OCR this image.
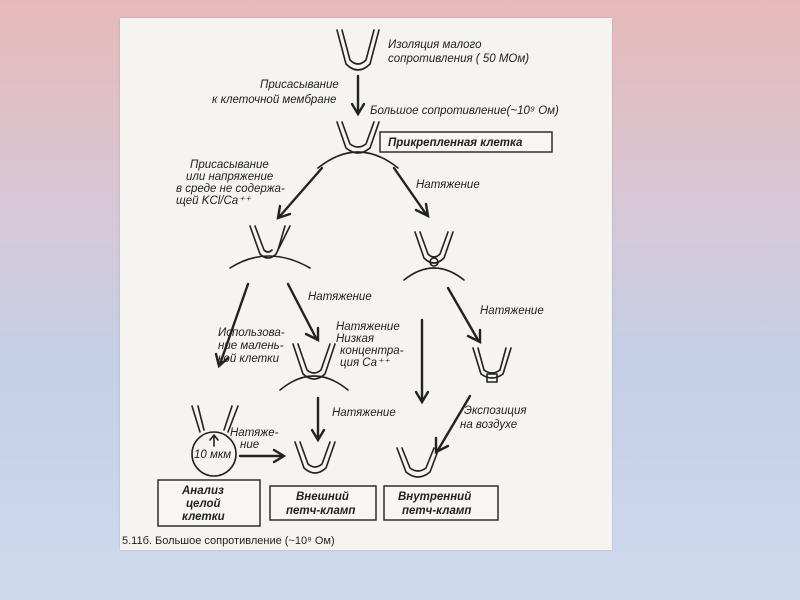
Изоляция малого
сопротивления ( 50 МОм)
Присасывание
к клеточной мембране
Большое сопротивление(~10⁹ Ом)
Прикрепленная клетка
Присасывание
или напряжение
в среде не содержа-
щей KCl/Ca⁺⁺
Натяжение
Натяжение
Использова-
ние малень-
кой клетки
Натяжение
Низкая
концентра-
ция Ca⁺⁺
Натяжение
Натяжение	Экспозиция
на воздухе
10 мкм
Натяже-
ние
Анализ
целой
клетки
Внешний
петч-кламп
Внутренний
петч-кламп
5.11б. Большое сопротивление (~10⁹ Ом)
